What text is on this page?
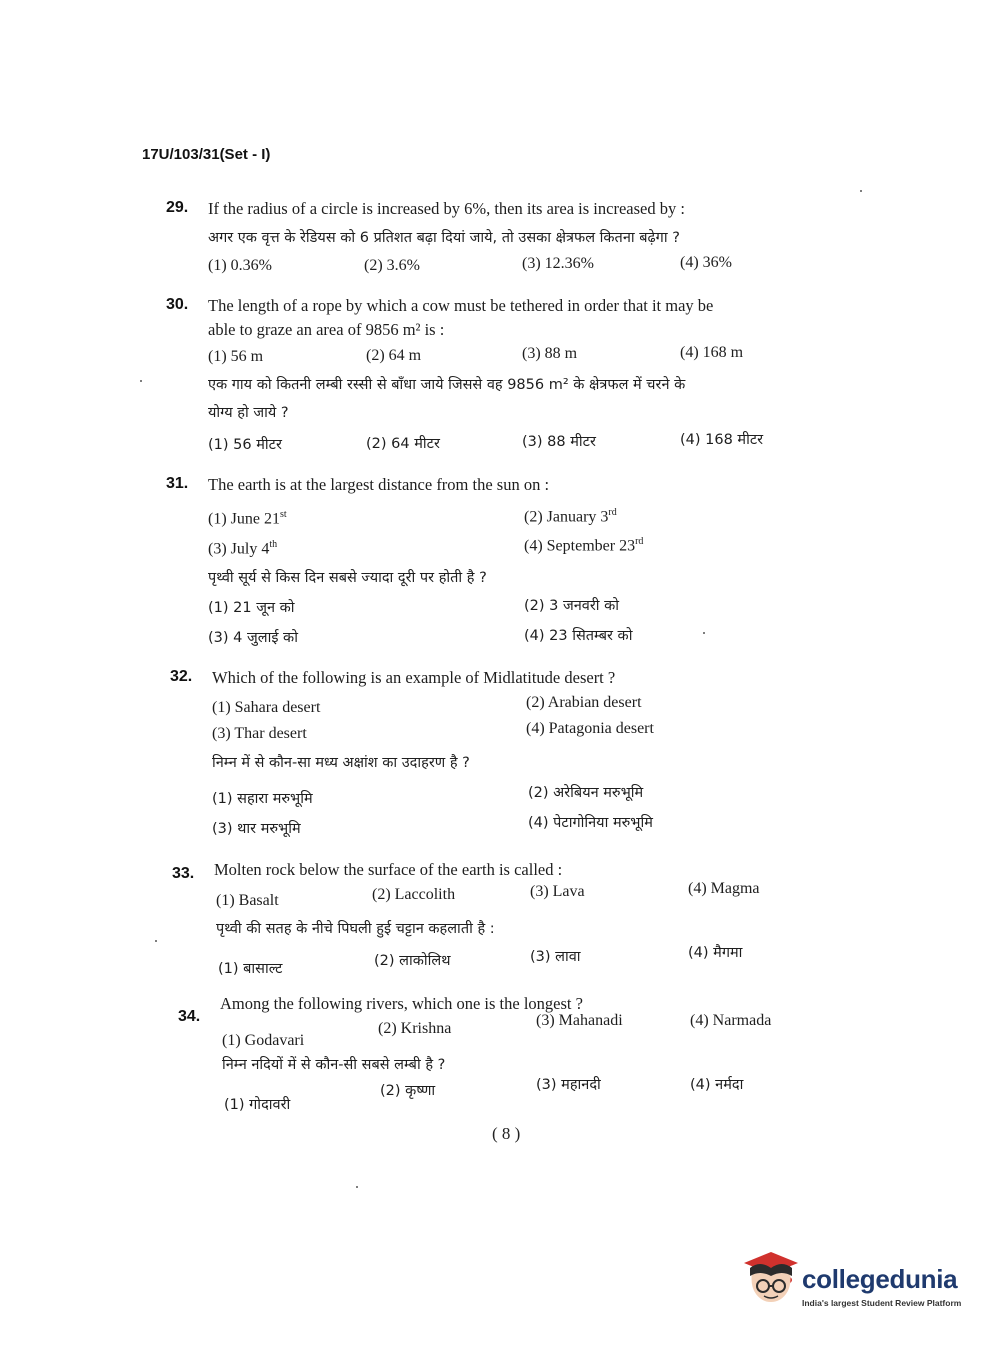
17U/103/31(Set - I)
29. If the radius of a circle is increased by 6%, then its area is increased by :
अगर एक वृत्त के रेडियस को 6 प्रतिशत बढ़ा दियां जाये, तो उसका क्षेत्रफल कितना बढ़ेगा ?
(1) 0.36%	(2) 3.6%	(3) 12.36%	(4) 36%
30. The length of a rope by which a cow must be tethered in order that it may be
able to graze an area of 9856 m² is :
(1) 56 m	(2) 64 m	(3) 88 m	(4) 168 m
एक गाय को कितनी लम्बी रस्सी से बाँधा जाये जिससे वह 9856 m² के क्षेत्रफल में चरने के
योग्य हो जाये ?
(1) 56 मीटर	(2) 64 मीटर	(3) 88 मीटर	(4) 168 मीटर
31. The earth is at the largest distance from the sun on :
(1) June 21st	(2) January 3rd
(3) July 4th	(4) September 23rd
पृथ्वी सूर्य से किस दिन सबसे ज्यादा दूरी पर होती है ?
(1) 21 जून को	(2) 3 जनवरी को
(3) 4 जुलाई को	(4) 23 सितम्बर को
32. Which of the following is an example of Midlatitude desert ?
(1) Sahara desert	(2) Arabian desert
(3) Thar desert	(4) Patagonia desert
निम्न में से कौन-सा मध्य अक्षांश का उदाहरण है ?
(1) सहारा मरुभूमि	(2) अरेबियन मरुभूमि
(3) थार मरुभूमि	(4) पेटागोनिया मरुभूमि
33. Molten rock below the surface of the earth is called :
(1) Basalt	(2) Laccolith	(3) Lava	(4) Magma
पृथ्वी की सतह के नीचे पिघली हुई चट्टान कहलाती है :
(1) बासाल्ट	(2) लाकोलिथ	(3) लावा	(4) मैगमा
34.
Among the following rivers, which one is the longest ?
(1) Godavari
(2) Krishna	(3) Mahanadi	(4) Narmada
निम्न नदियों में से कौन-सी सबसे लम्बी है ?
(1) गोदावरी
(2) कृष्णा	(3) महानदी	(4) नर्मदा
( 8 )
collegedunia
India's largest Student Review Platform
